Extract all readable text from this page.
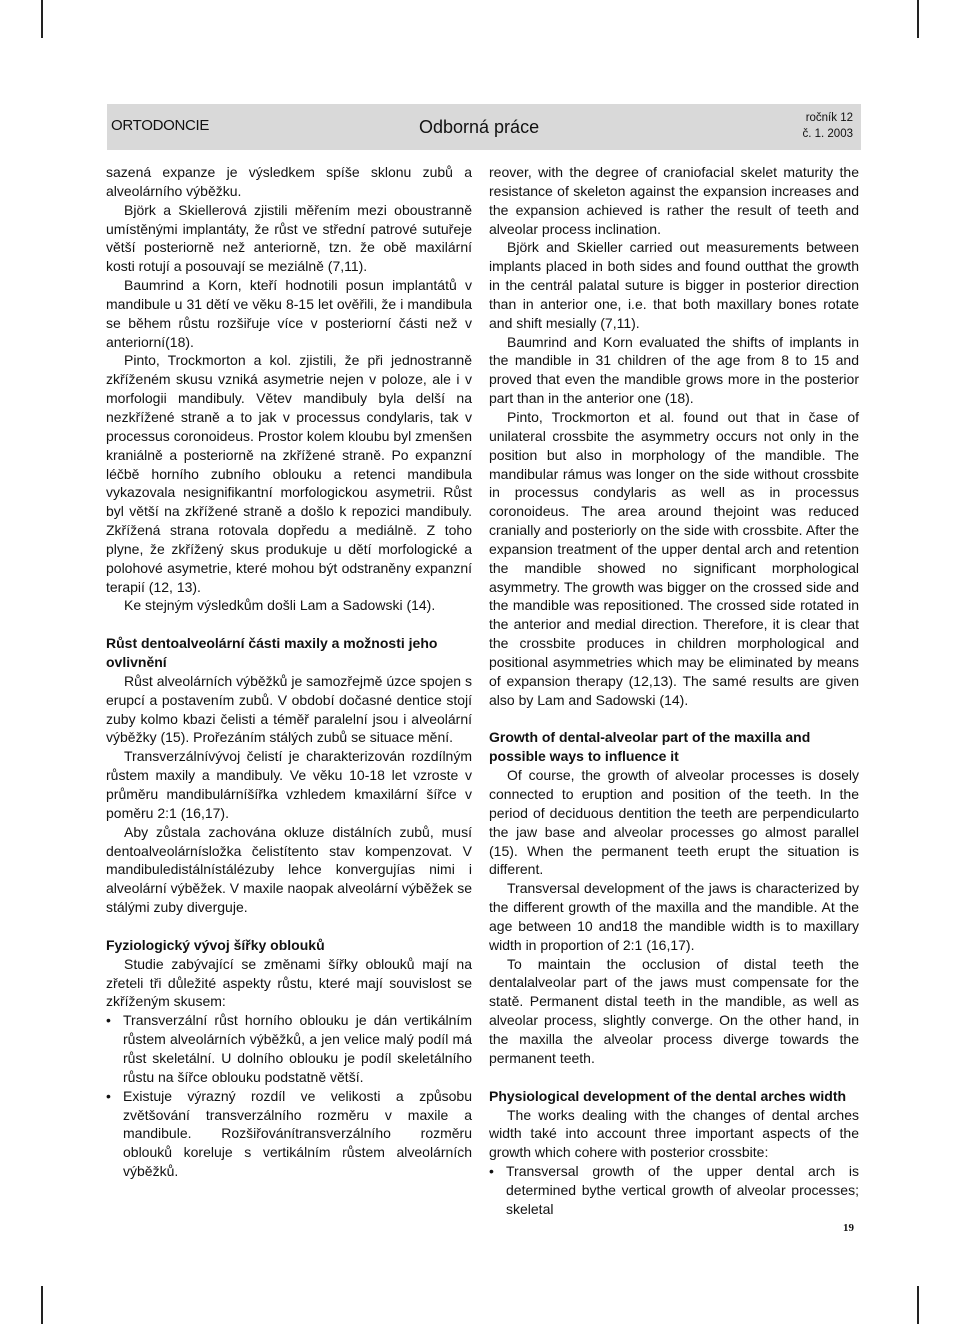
ORTODONCIE	Odborná práce	ročník 12
č. 1. 2003

sazená expanze je výsledkem spíše sklonu zubů a alveolárního výběžku.

Björk a Skiellerová zjistili měřením mezi oboustranně umístěnými implantáty, že růst ve střední patrové sutuřeje větší posteriorně než anteriorně, tzn. že obě maxilární kosti rotují a posouvají se meziálně (7,11).

Baumrind a Korn, kteří hodnotili posun implantátů v mandibule u 31 dětí ve věku 8-15 let ověřili, že i mandibula se během růstu rozšiřuje více v posteriorní části než v anteriorní(18).

Pinto, Trockmorton a kol. zjistili, že při jednostranně zkříženém skusu vzniká asymetrie nejen v poloze, ale i v morfologii mandibuly. Větev mandibuly byla delší na nezkřížené straně a to jak v processus condylaris, tak v processus coronoideus. Prostor kolem kloubu byl zmenšen kraniálně a posteriorně na zkřížené straně. Po expanzní léčbě horního zubního oblouku a retenci mandibula vykazovala nesignifikantní morfologickou asymetrii. Růst byl větší na zkřížené straně a došlo k repozici mandibuly. Zkřížená strana rotovala dopředu a mediálně. Z toho plyne, že zkřížený skus produkuje u dětí morfologické a polohové asymetrie, které mohou být odstraněny expanzní terapií (12, 13).

Ke stejným výsledkům došli Lam a Sadowski (14).

Růst dentoalveolární části maxily a možnosti jeho ovlivnění

Růst alveolárních výběžků je samozřejmě úzce spojen s erupcí a postavením zubů. V období dočasné dentice stojí zuby kolmo kbazi čelisti a téměř paralelní jsou i alveolární výběžky (15). Prořezáním stálých zubů se situace mění.

Transverzálnívývoj čelistí je charakterizován rozdílným růstem maxily a mandibuly. Ve věku 10-18 let vzroste v průměru mandibulárníšířka vzhledem kmaxilární šířce v poměru 2:1 (16,17).

Aby zůstala zachována okluze distálních zubů, musí dentoalveolárnísložka čelistítento stav kompenzovat. V mandibuledistálnístálézuby lehce konvergujías nimi i alveolární výběžek. V maxile naopak alveolární výběžek se stálými zuby diverguje.

Fyziologický vývoj šířky oblouků

Studie zabývající se změnami šířky oblouků mají na zřeteli tři důležité aspekty růstu, které mají souvislost se zkříženým skusem:

• Transverzální růst horního oblouku je dán vertikálním růstem alveolárních výběžků, a jen velice malý podíl má růst skeletální. U dolního oblouku je podíl skeletálního růstu na šířce oblouku podstatně větší.
• Existuje výrazný rozdíl ve velikosti a způsobu zvětšování transverzálního rozměru v maxile a mandibule. Rozšiřovánítransverzálního rozměru oblouků koreluje s vertikálním růstem alveolárních výběžků.

reover, with the degree of craniofacial skelet maturity the resistance of skeleton against the expansion increases and the expansion achieved is rather the result of teeth and alveolar process inclination.

Björk and Skieller carried out measurements between implants placed in both sides and found outthat the growth in the centrál palatal suture is bigger in posterior direction than in anterior one, i.e. that both maxillary bones rotate and shift mesially (7,11).

Baumrind and Korn evaluated the shifts of implants in the mandible in 31 children of the age from 8 to 15 and proved that even the mandible grows more in the posterior part than in the anterior one (18).

Pinto, Trockmorton et al. found out that in čase of unilateral crossbite the asymmetry occurs not only in the position but also in morphology of the mandible. The mandibular rámus was longer on the side without crossbite in processus condylaris as well as in processus coronoideus. The area around thejoint was reduced cranially and posteriorly on the side with crossbite. After the expansion treatment of the upper dental arch and retention the mandible showed no significant morphological asymmetry. The growth was bigger on the crossed side and the mandible was repositioned. The crossed side rotated in the anterior and medial direction. Therefore, it is clear that the crossbite produces in children morphological and positional asymmetries which may be eliminated by means of expansion therapy (12,13). The samé results are given also by Lam and Sadowski (14).

Growth of dental-alveolar part of the maxilla and possible ways to influence it

Of course, the growth of alveolar processes is dosely connected to eruption and position of the teeth. In the period of deciduous dentition the teeth are perpendicularto the jaw base and alveolar processes go almost parallel (15). When the permanent teeth erupt the situation is different.

Transversal development of the jaws is characterized by the different growth of the maxilla and the mandible. At the age between 10 and18 the mandible width is to maxillary width in proportion of 2:1 (16,17).

To maintain the occlusion of distal teeth the dentalalveolar part of the jaws must compensate for the statě. Permanent distal teeth in the mandible, as well as alveolar process, slightly converge. On the other hand, in the maxilla the alveolar process diverge towards the permanent teeth.

Physiological development of the dental arches width

The works dealing with the changes of dental arches width také into account three important aspects of the growth which cohere with posterior crossbite:

• Transversal growth of the upper dental arch is determined bythe vertical growth of alveolar processes; skeletal
19
